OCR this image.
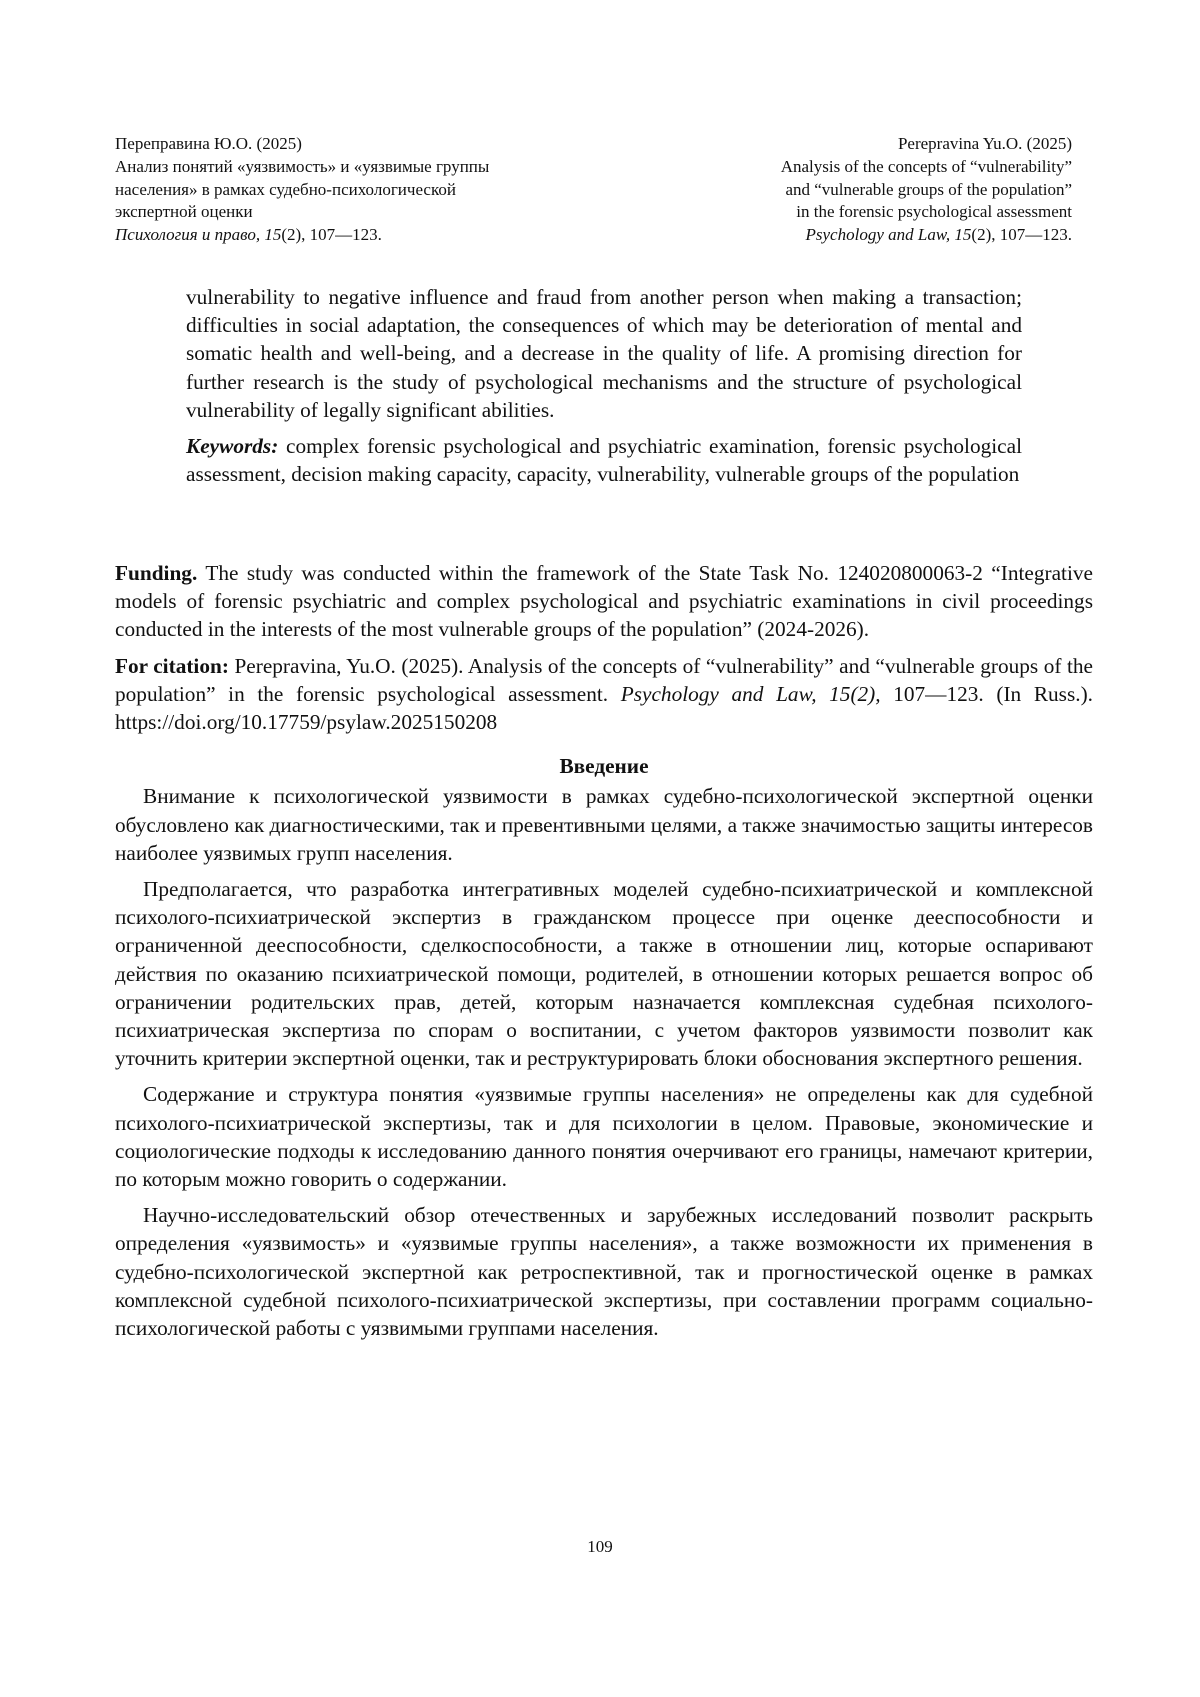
Переправина Ю.О. (2025)
Анализ понятий «уязвимость» и «уязвимые группы
населения» в рамках судебно-психологической
экспертной оценки
Психология и право, 15(2), 107—123.
Perepravina Yu.O. (2025)
Analysis of the concepts of “vulnerability”
and “vulnerable groups of the population”
in the forensic psychological assessment
Psychology and Law, 15(2), 107—123.

vulnerability to negative influence and fraud from another person when making a transaction; difficulties in social adaptation, the consequences of which may be deterioration of mental and somatic health and well-being, and a decrease in the quality of life. A promising direction for further research is the study of psychological mechanisms and the structure of psychological vulnerability of legally significant abilities.

Keywords: complex forensic psychological and psychiatric examination, forensic psychological assessment, decision making capacity, capacity, vulnerability, vulnerable groups of the population

Funding. The study was conducted within the framework of the State Task No. 124020800063-2 “Integrative models of forensic psychiatric and complex psychological and psychiatric examinations in civil proceedings conducted in the interests of the most vulnerable groups of the population” (2024-2026).

For citation: Perepravina, Yu.O. (2025). Analysis of the concepts of “vulnerability” and “vulnerable groups of the population” in the forensic psychological assessment. Psychology and Law, 15(2), 107—123. (In Russ.). https://doi.org/10.17759/psylaw.2025150208

Введение

Внимание к психологической уязвимости в рамках судебно-психологической экспертной оценки обусловлено как диагностическими, так и превентивными целями, а также значимостью защиты интересов наиболее уязвимых групп населения.

Предполагается, что разработка интегративных моделей судебно-психиатрической и комплексной психолого-психиатрической экспертиз в гражданском процессе при оценке дееспособности и ограниченной дееспособности, сделкоспособности, а также в отношении лиц, которые оспаривают действия по оказанию психиатрической помощи, родителей, в отношении которых решается вопрос об ограничении родительских прав, детей, которым назначается комплексная судебная психолого-психиатрическая экспертиза по спорам о воспитании, с учетом факторов уязвимости позволит как уточнить критерии экспертной оценки, так и реструктурировать блоки обоснования экспертного решения.

Содержание и структура понятия «уязвимые группы населения» не определены как для судебной психолого-психиатрической экспертизы, так и для психологии в целом. Правовые, экономические и социологические подходы к исследованию данного понятия очерчивают его границы, намечают критерии, по которым можно говорить о содержании.

Научно-исследовательский обзор отечественных и зарубежных исследований позволит раскрыть определения «уязвимость» и «уязвимые группы населения», а также возможности их применения в судебно-психологической экспертной как ретроспективной, так и прогностической оценке в рамках комплексной судебной психолого-психиатрической экспертизы, при составлении программ социально-психологической работы с уязвимыми группами населения.

109
